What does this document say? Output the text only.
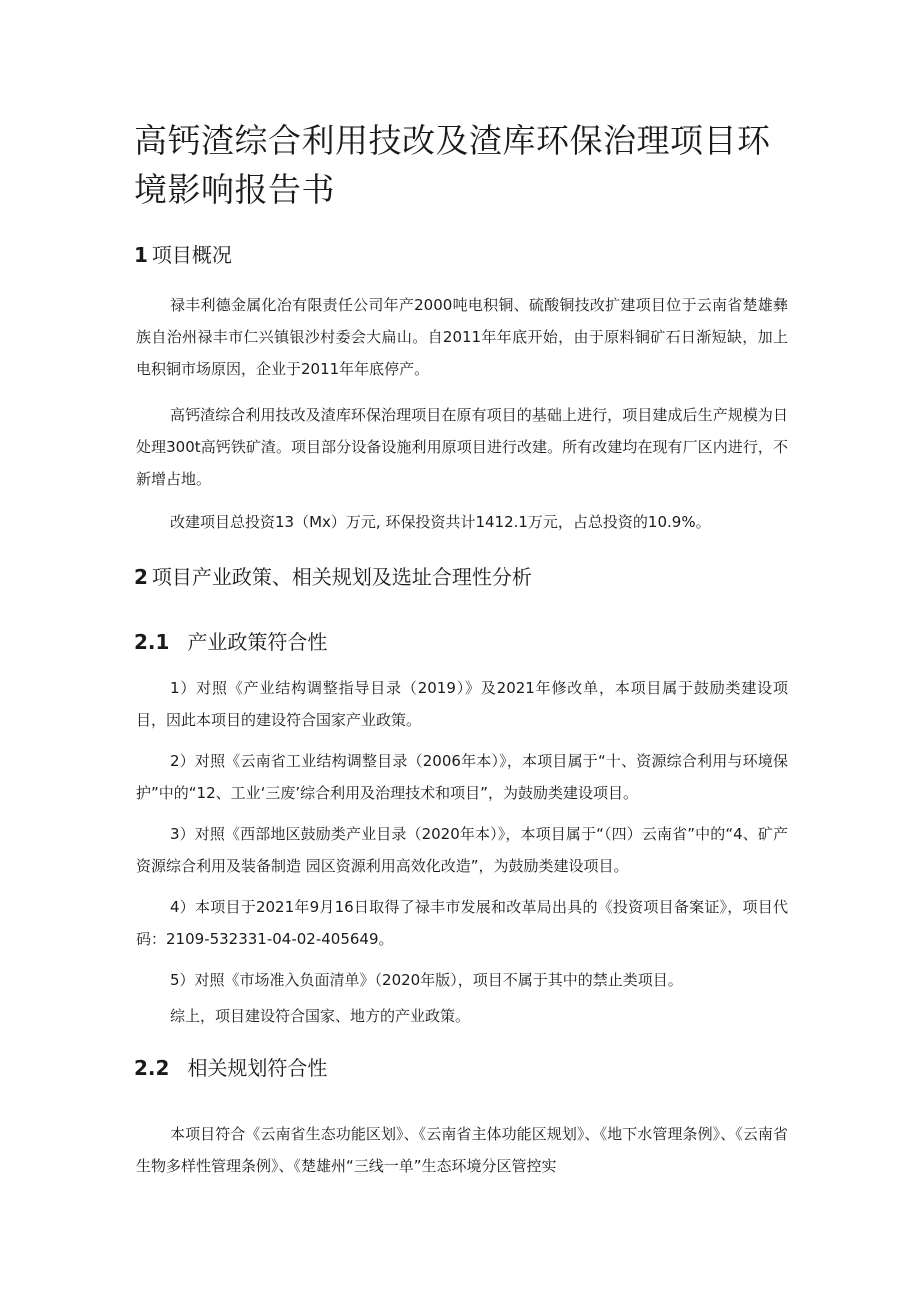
高钙渣综合利用技改及渣库环保治理项目环境影响报告书
1 项目概况

禄丰利德金属化冶有限责任公司年产2000吨电积铜、硫酸铜技改扩建项目位于云南省楚雄彝族自治州禄丰市仁兴镇银沙村委会大扁山。自2011年年底开始，由于原料铜矿石日渐短缺，加上电积铜市场原因，企业于2011年年底停产。

高钙渣综合利用技改及渣库环保治理项目在原有项目的基础上进行，项目建成后生产规模为日处理300t高钙铁矿渣。项目部分设备设施利用原项目进行改建。所有改建均在现有厂区内进行，不新增占地。

改建项目总投资13（Mx）万元, 环保投资共计1412.1万元，占总投资的10.9%。

2 项目产业政策、相关规划及选址合理性分析
2.1 产业政策符合性

1）对照《产业结构调整指导目录（2019）》及2021年修改单，本项目属于鼓励类建设项目，因此本项目的建设符合国家产业政策。

2）对照《云南省工业结构调整目录（2006年本）》，本项目属于“十、资源综合利用与环境保护”中的“12、工业‘三废’综合利用及治理技术和项目”，为鼓励类建设项目。

3）对照《西部地区鼓励类产业目录（2020年本）》，本项目属于“（四）云南省”中的“4、矿产资源综合利用及装备制造 园区资源利用高效化改造”，为鼓励类建设项目。

4）本项目于2021年9月16日取得了禄丰市发展和改革局出具的《投资项目备案证》，项目代码：2109-532331-04-02-405649。

5）对照《市场准入负面清单》（2020年版），项目不属于其中的禁止类项目。

综上，项目建设符合国家、地方的产业政策。

2.2 相关规划符合性

本项目符合《云南省生态功能区划》、《云南省主体功能区规划》、《地下水管理条例》、《云南省生物多样性管理条例》、《楚雄州“三线一单”生态环境分区管控实
